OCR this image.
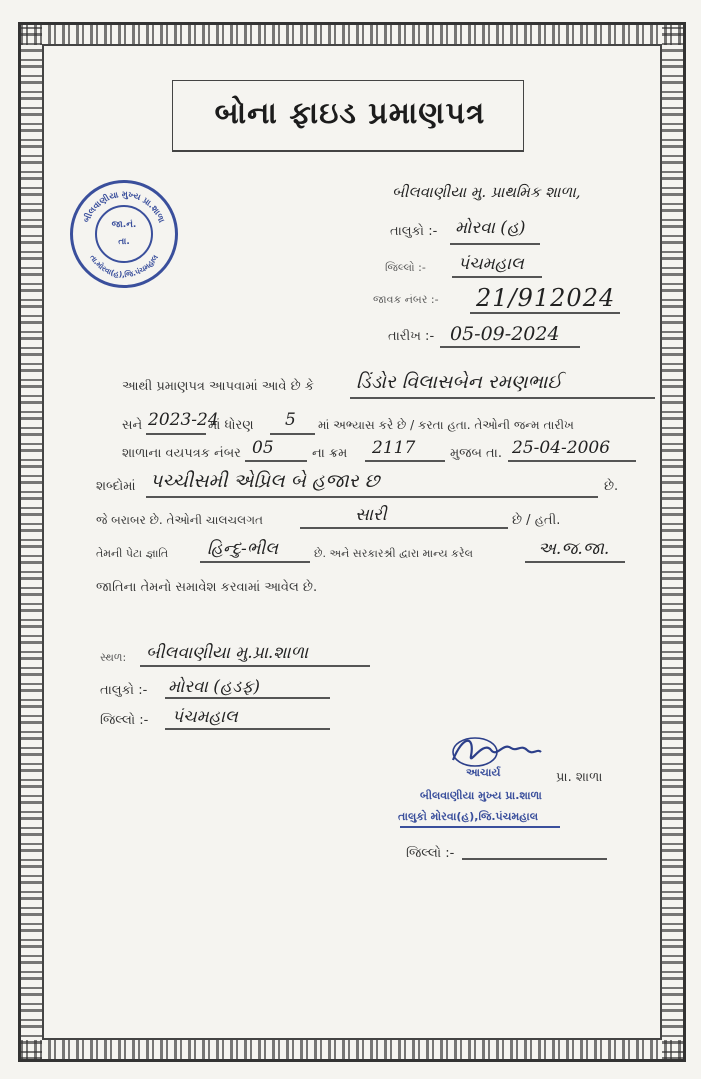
બોના ફાઇડ પ્રમાણપત્ર
બીલવાણીયા મુખ્ય પ્રા.શાળા
તા.મોરવા(હ),જિ.પંચમહાલ
જા.નં.
તા.
બીલવાણીયા મુ. પ્રાથમિક શાળા,
તાલુકો :- મોરવા (હ)
જિલ્લો :- પંચમહાલ
જાવક નંબર :- 21/912024
તારીખ :- 05-09-2024
આથી પ્રમાણપત્ર આપવામાં આવે છે કે ડિંડોર વિલાસબેન રમણભાઈ
સને 2023-24
માં ધોરણ 5 માં અભ્યાસ કરે છે / કરતા હતા. તેઓની જન્મ તારીખ
શાળાના વયપત્રક નંબર 05	ના ક્રમ 2117	મુજબ તા. 25-04-2006
શબ્દોમાં પચ્ચીસમી એપ્રિલ બે હજાર છ	છે.
જે બરાબર છે. તેઓની ચાલચલગત	સારી	છે / હતી.
તેમની પેટા જ્ઞાતિ હિન્દુ-ભીલ	છે. અને સરકારશ્રી દ્વારા માન્ય કરેલ	અ.જ.જા.
જાતિના તેમનો સમાવેશ કરવામાં આવેલ છે.
સ્થળ: બીલવાણીયા મુ.પ્રા.શાળા
તાલુકો :- મોરવા (હડફ)
જિલ્લો :- પંચમહાલ
આચાર્ય	પ્રા. શાળા
બીલવાણીયા મુખ્ય પ્રા.શાળા
તાલુકો મોરવા(હ),જિ.પંચમહાલ
જિલ્લો :-
